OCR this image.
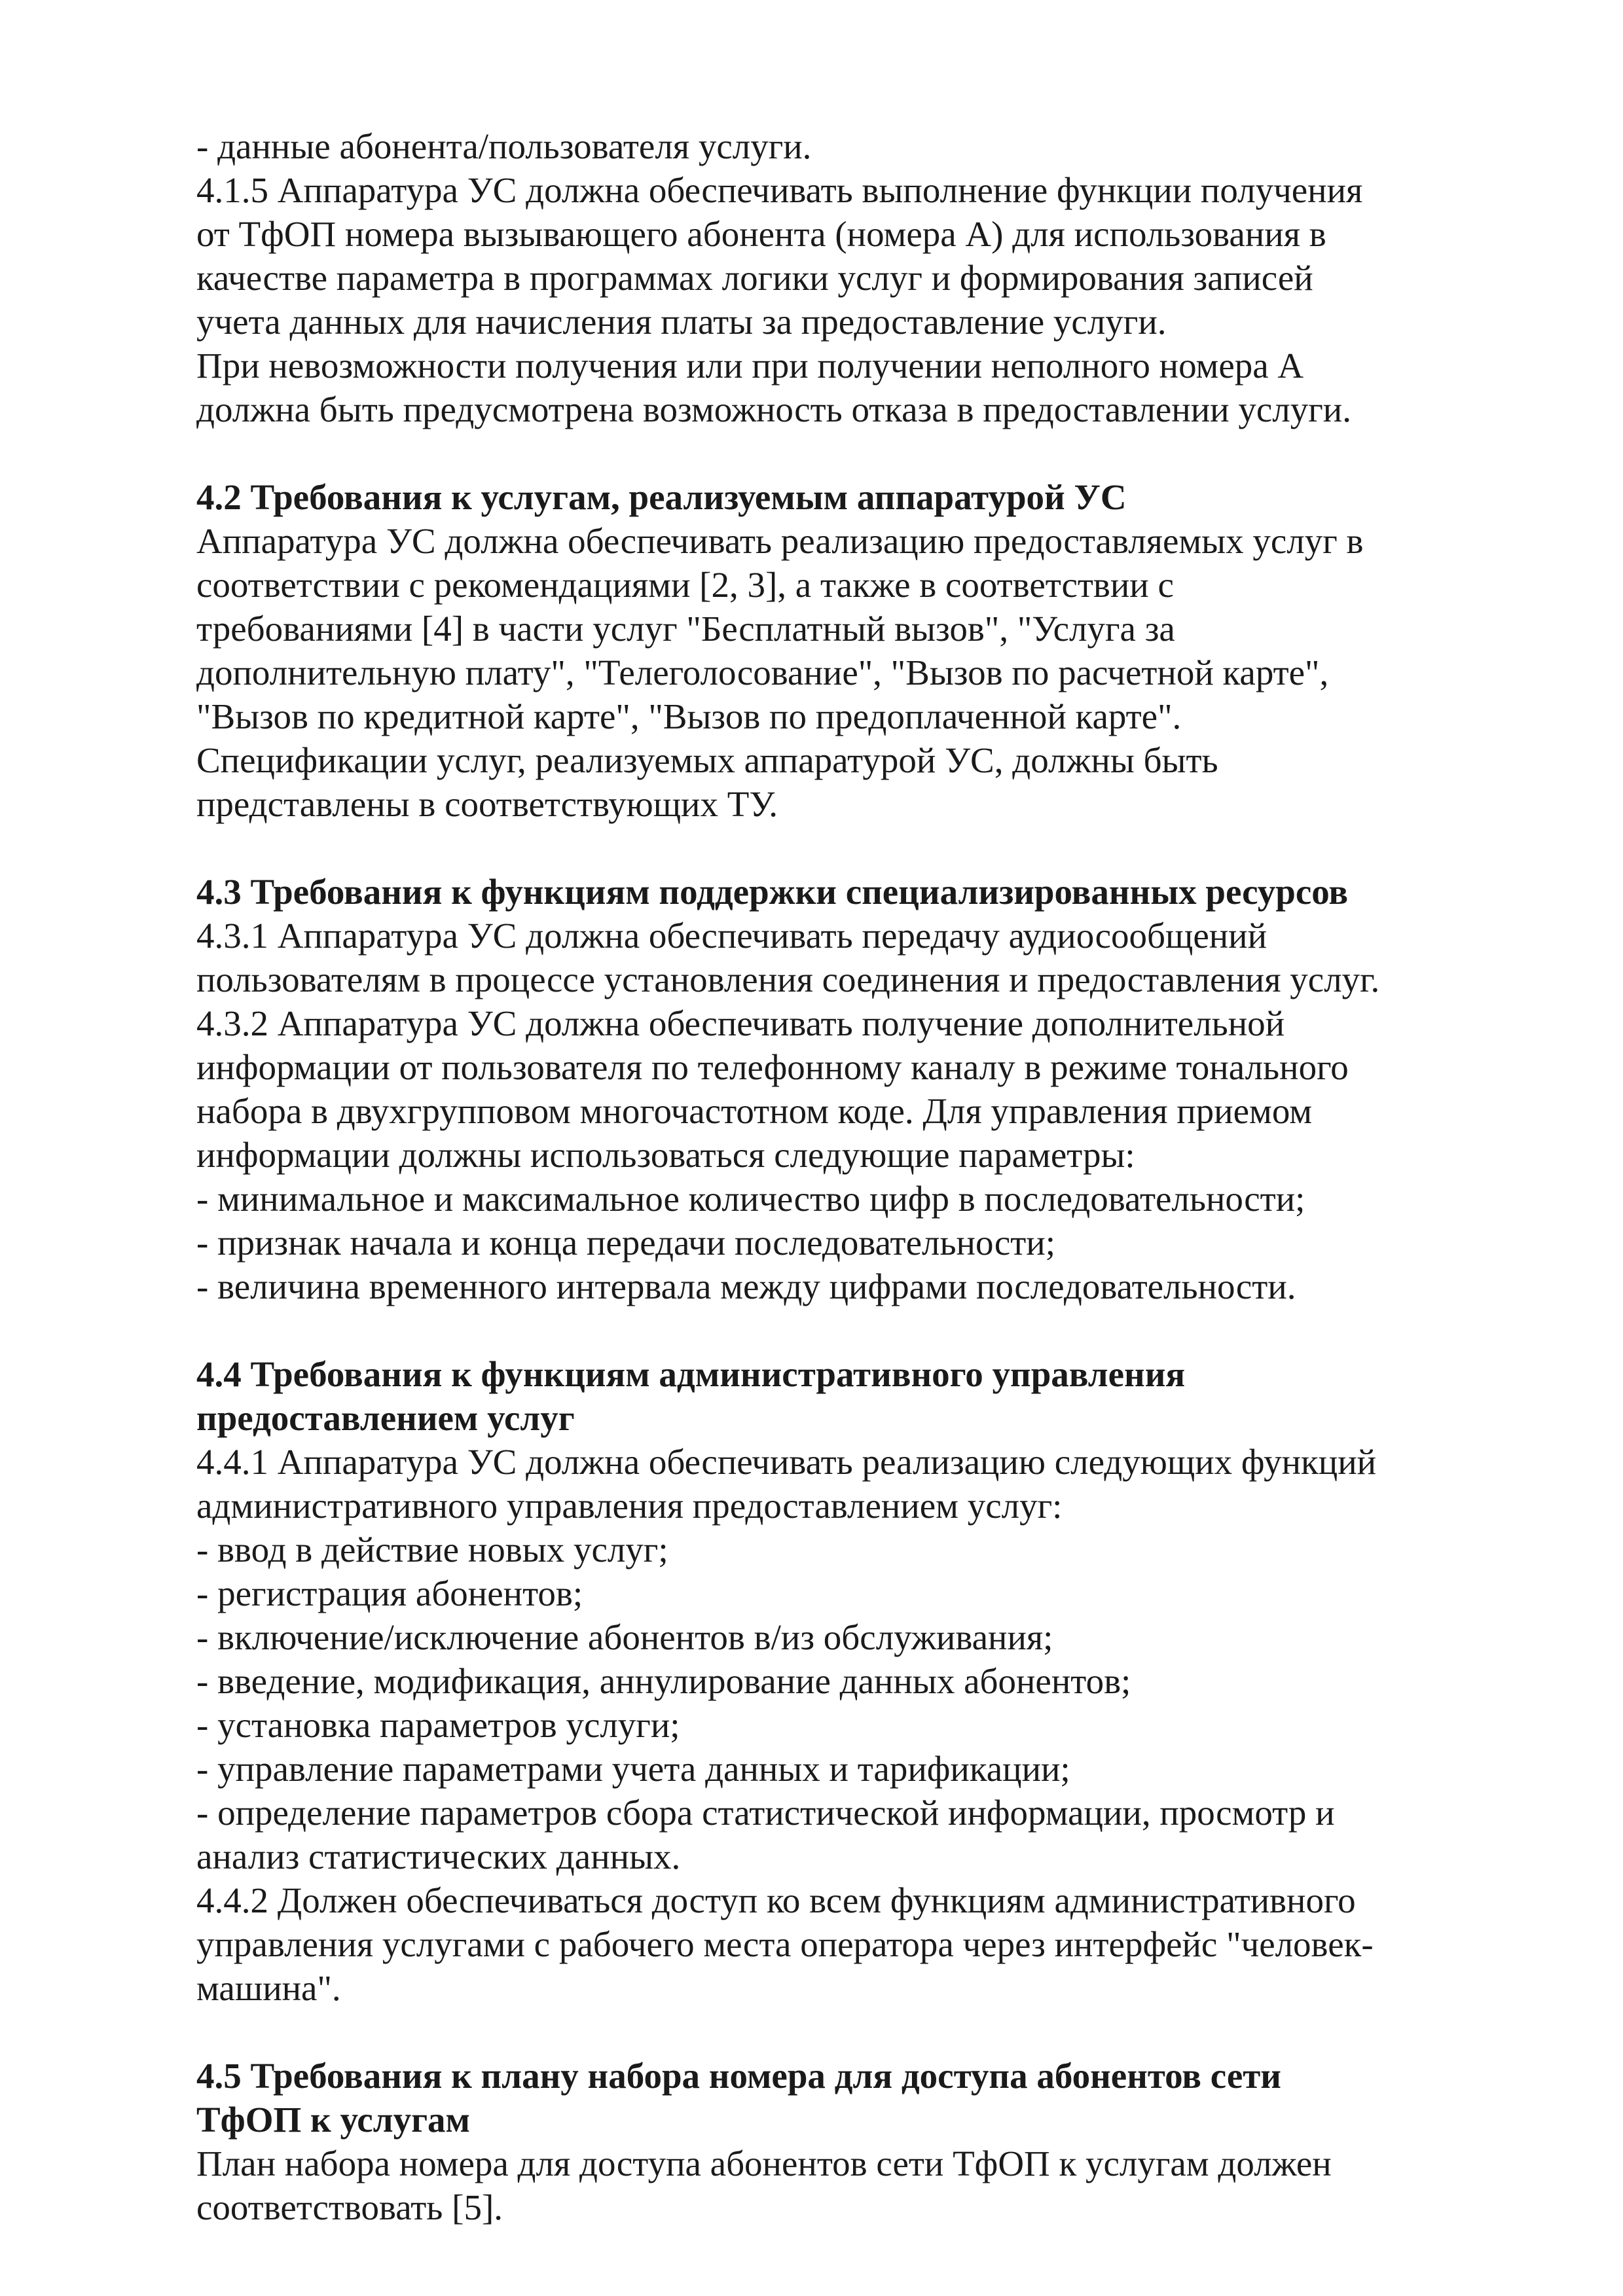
- данные абонента/пользователя услуги.
4.1.5 Аппаратура УС должна обеспечивать выполнение функции получения
от ТфОП номера вызывающего абонента (номера А) для использования в
качестве параметра в программах логики услуг и формирования записей
учета данных для начисления платы за предоставление услуги.
При невозможности получения или при получении неполного номера А
должна быть предусмотрена возможность отказа в предоставлении услуги.
4.2 Требования к услугам, реализуемым аппаратурой УС
Аппаратура УС должна обеспечивать реализацию предоставляемых услуг в
соответствии с рекомендациями [2, 3], а также в соответствии с
требованиями [4] в части услуг "Бесплатный вызов", "Услуга за
дополнительную плату", "Телеголосование", "Вызов по расчетной карте",
"Вызов по кредитной карте", "Вызов по предоплаченной карте".
Спецификации услуг, реализуемых аппаратурой УС, должны быть
представлены в соответствующих ТУ.
4.3 Требования к функциям поддержки специализированных ресурсов
4.3.1 Аппаратура УС должна обеспечивать передачу аудиосообщений
пользователям в процессе установления соединения и предоставления услуг.
4.3.2 Аппаратура УС должна обеспечивать получение дополнительной
информации от пользователя по телефонному каналу в режиме тонального
набора в двухгрупповом многочастотном коде. Для управления приемом
информации должны использоваться следующие параметры:
- минимальное и максимальное количество цифр в последовательности;
- признак начала и конца передачи последовательности;
- величина временного интервала между цифрами последовательности.
4.4 Требования к функциям административного управления
предоставлением услуг
4.4.1 Аппаратура УС должна обеспечивать реализацию следующих функций
административного управления предоставлением услуг:
- ввод в действие новых услуг;
- регистрация абонентов;
- включение/исключение абонентов в/из обслуживания;
- введение, модификация, аннулирование данных абонентов;
- установка параметров услуги;
- управление параметрами учета данных и тарификации;
- определение параметров сбора статистической информации, просмотр и
анализ статистических данных.
4.4.2 Должен обеспечиваться доступ ко всем функциям административного
управления услугами с рабочего места оператора через интерфейс "человек-
машина".
4.5 Требования к плану набора номера для доступа абонентов сети
ТфОП к услугам
План набора номера для доступа абонентов сети ТфОП к услугам должен
соответствовать [5].
